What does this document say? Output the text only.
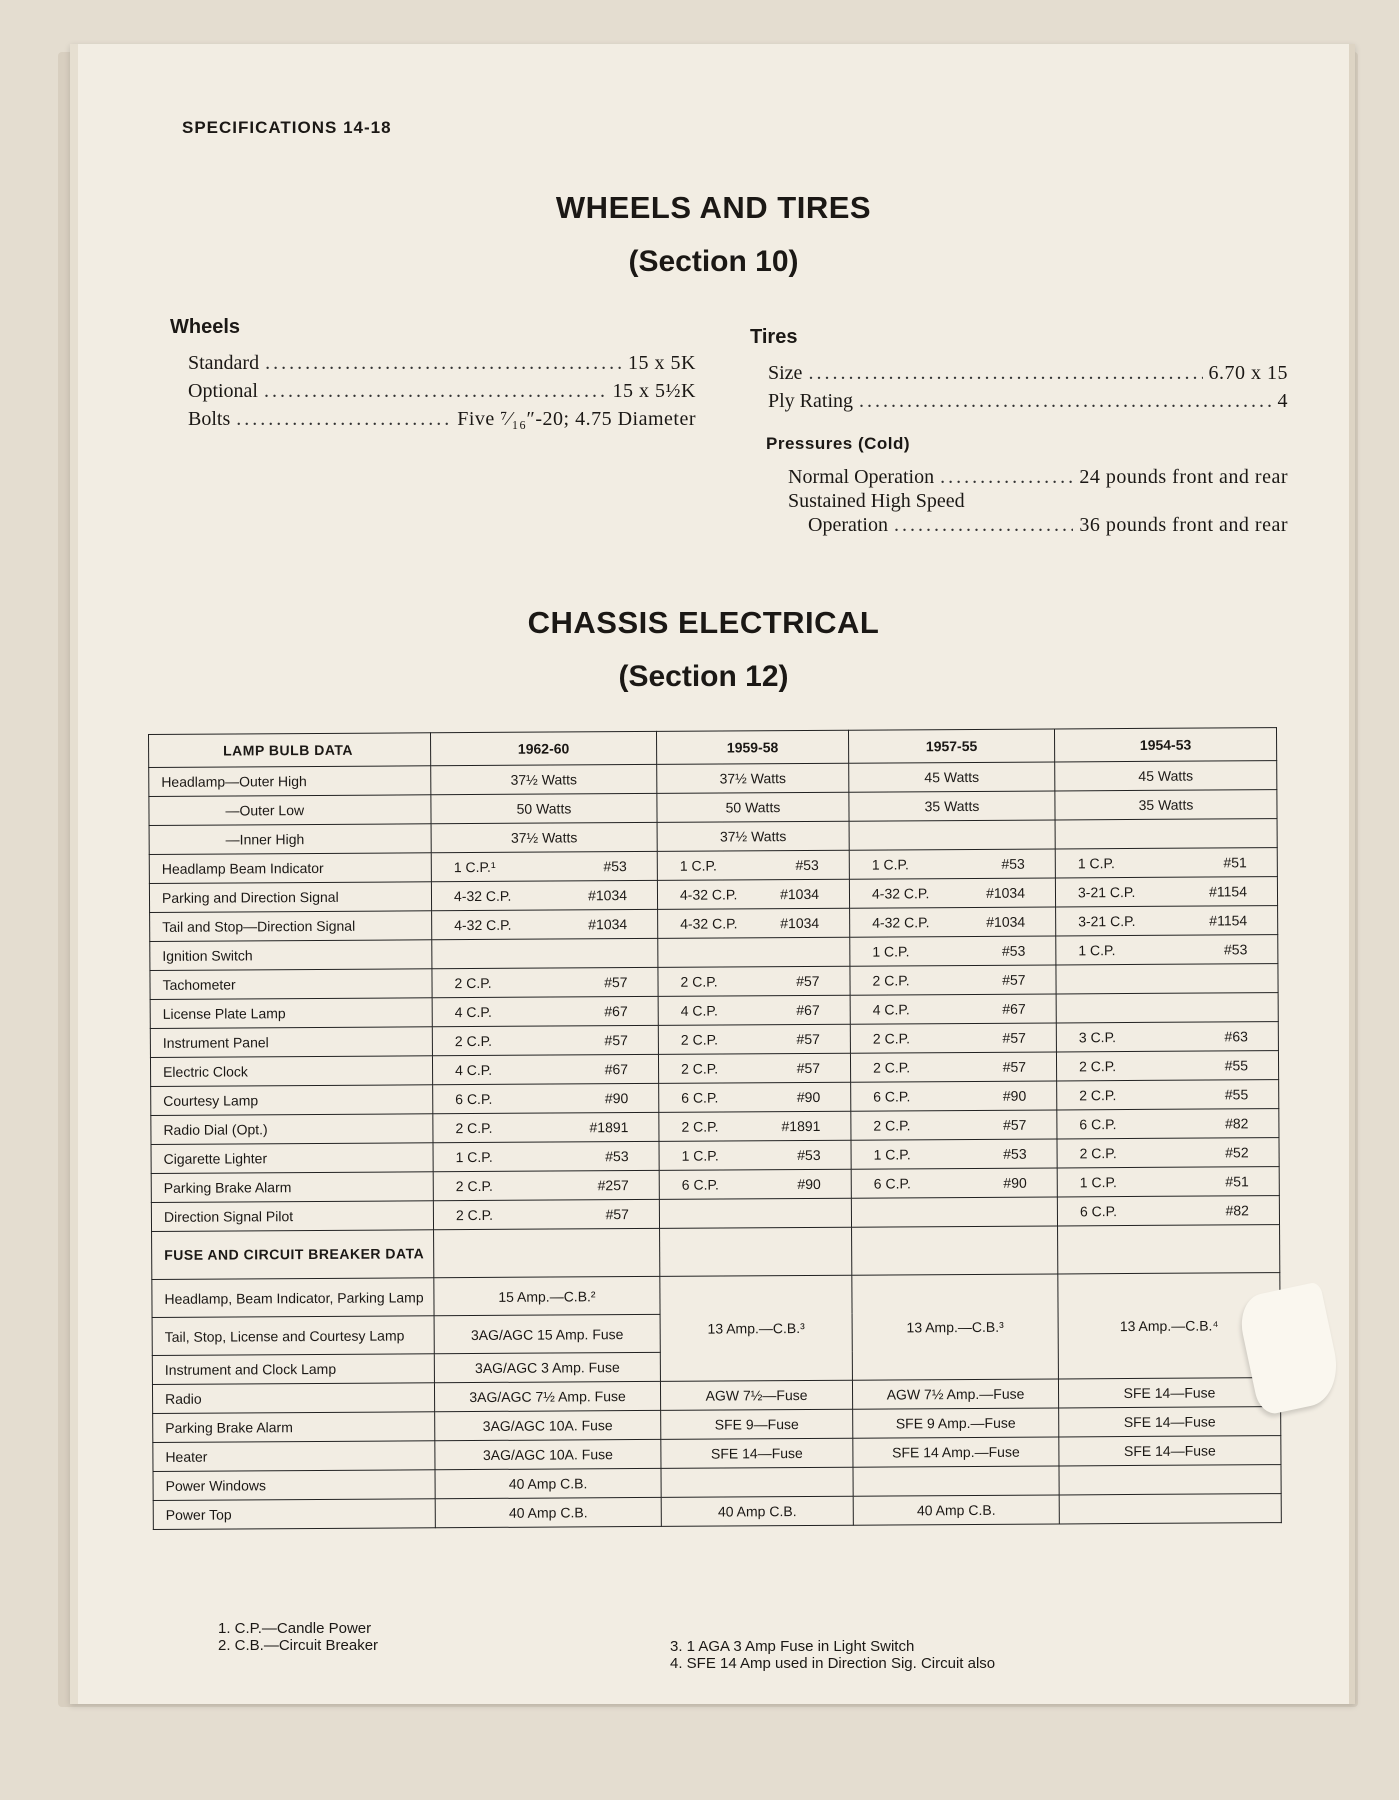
SPECIFICATIONS 14-18
WHEELS AND TIRES
(Section 10)
Wheels
Standard .....	15 x 5K
Optional .....	15 x 5½K
Bolts .....	Five ⁷⁄₁₆″-20; 4.75 Diameter
Tires
Size .....	6.70 x 15
Ply Rating .....	4
Pressures (Cold)
Normal Operation .....	24 pounds front and rear
Sustained High Speed
Operation .....	36 pounds front and rear
CHASSIS ELECTRICAL
(Section 12)
LAMP BULB DATA	1962-60	1959-58	1957-55	1954-53
Headlamp—Outer High	37½ Watts	37½ Watts	45 Watts	45 Watts
—Outer Low	50 Watts	50 Watts	35 Watts	35 Watts
—Inner High	37½ Watts	37½ Watts		
Headlamp Beam Indicator	1 C.P.¹ #53	1 C.P. #53	1 C.P. #53	1 C.P. #51

Parking and Direction Signal	4-32 C.P. #1034	4-32 C.P. #1034	4-32 C.P. #1034	3-21 C.P. #1154

Tail and Stop—Direction Signal	4-32 C.P. #1034	4-32 C.P. #1034	4-32 C.P. #1034	3-21 C.P. #1154

Ignition Switch			1 C.P. #53	1 C.P. #53

Tachometer	2 C.P. #57	2 C.P. #57	2 C.P. #57	

License Plate Lamp	4 C.P. #67	4 C.P. #67	4 C.P. #67	

Instrument Panel	2 C.P. #57	2 C.P. #57	2 C.P. #57	3 C.P. #63

Electric Clock	4 C.P. #67	2 C.P. #57	2 C.P. #57	2 C.P. #55

Courtesy Lamp	6 C.P. #90	6 C.P. #90	6 C.P. #90	2 C.P. #55

Radio Dial (Opt.)	2 C.P. #1891	2 C.P. #1891	2 C.P. #57	6 C.P. #82

Cigarette Lighter	1 C.P. #53	1 C.P. #53	1 C.P. #53	2 C.P. #52

Parking Brake Alarm	2 C.P. #257	6 C.P. #90	6 C.P. #90	1 C.P. #51

Direction Signal Pilot	2 C.P. #57			6 C.P. #82

FUSE AND CIRCUIT BREAKER DATA				
Headlamp, Beam Indicator, Parking Lamp	15 Amp.—C.B.²	13 Amp.—C.B.³	13 Amp.—C.B.³	13 Amp.—C.B.⁴
Tail, Stop, License and Courtesy Lamp	3AG/AGC 15 Amp. Fuse			
Instrument and Clock Lamp	3AG/AGC 3 Amp. Fuse			
Radio	3AG/AGC 7½ Amp. Fuse	AGW 7½—Fuse	AGW 7½ Amp.—Fuse	SFE 14—Fuse
Parking Brake Alarm	3AG/AGC 10A. Fuse	SFE 9—Fuse	SFE 9 Amp.—Fuse	SFE 14—Fuse
Heater	3AG/AGC 10A. Fuse	SFE 14—Fuse	SFE 14 Amp.—Fuse	SFE 14—Fuse
Power Windows	40 Amp C.B.			
Power Top	40 Amp C.B.	40 Amp C.B.	40 Amp C.B.	
1. C.P.—Candle Power
2. C.B.—Circuit Breaker	3. 1 AGA 3 Amp Fuse in Light Switch
4. SFE 14 Amp used in Direction Sig. Circuit also
